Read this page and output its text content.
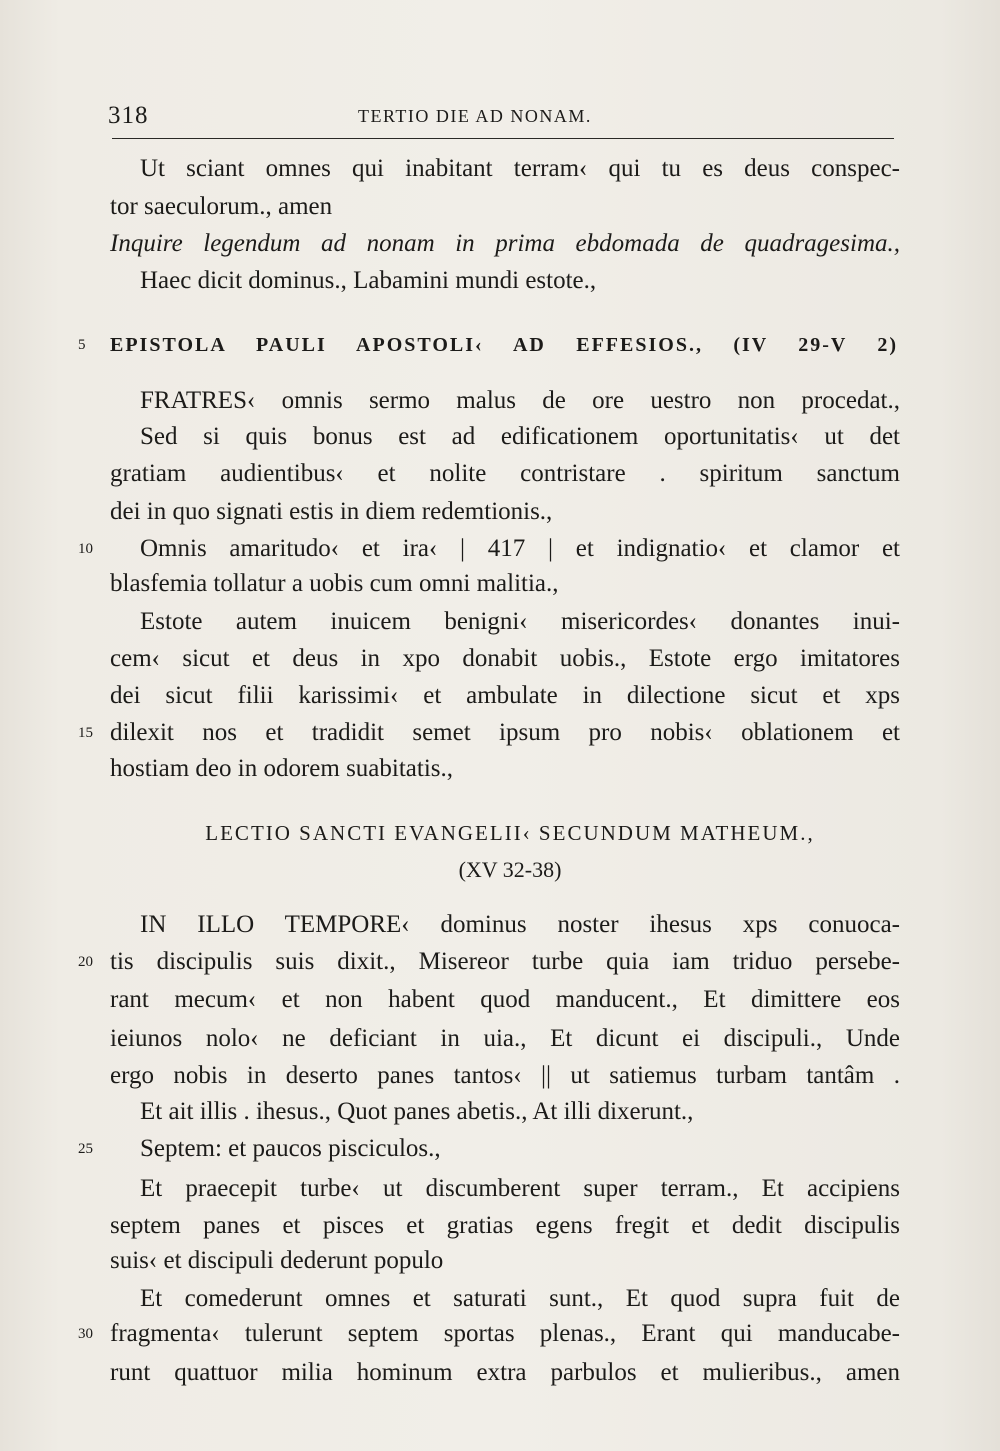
318	TERTIO DIE AD NONAM.
Ut sciant omnes qui inabitant terram‹ qui tu es deus conspec-
tor saeculorum., amen
Inquire legendum ad nonam in prima ebdomada de quadragesima.,
Haec dicit dominus., Labamini mundi estote.,
5 EPISTOLA PAULI APOSTOLI‹ AD EFFESIOS., (IV 29-V 2)
FRATRES‹ omnis sermo malus de ore uestro non procedat.,
Sed si quis bonus est ad edificationem oportunitatis‹ ut det
gratiam audientibus‹ et nolite contristare . spiritum sanctum
dei in quo signati estis in diem redemtionis.,
10 Omnis amaritudo‹ et ira‹ | 417 | et indignatio‹ et clamor et
blasfemia tollatur a uobis cum omni malitia.,
Estote autem inuicem benigni‹ misericordes‹ donantes inui-
cem‹ sicut et deus in xpo donabit uobis., Estote ergo imitatores
dei sicut filii karissimi‹ et ambulate in dilectione sicut et xps
15 dilexit nos et tradidit semet ipsum pro nobis‹ oblationem et
hostiam deo in odorem suabitatis.,
LECTIO SANCTI EVANGELII‹ SECUNDUM MATHEUM.,
(XV 32-38)
IN ILLO TEMPORE‹ dominus noster ihesus xps conuoca-
20 tis discipulis suis dixit., Misereor turbe quia iam triduo persebe-
rant mecum‹ et non habent quod manducent., Et dimittere eos
ieiunos nolo‹ ne deficiant in uia., Et dicunt ei discipuli., Unde
ergo nobis in deserto panes tantos‹ || ut satiemus turbam tantâm .
Et ait illis . ihesus., Quot panes abetis., At illi dixerunt.,
25 Septem: et paucos pisciculos.,
Et praecepit turbe‹ ut discumberent super terram., Et accipiens
septem panes et pisces et gratias egens fregit et dedit discipulis
suis‹ et discipuli dederunt populo
Et comederunt omnes et saturati sunt., Et quod supra fuit de
30 fragmenta‹ tulerunt septem sportas plenas., Erant qui manducabe-
runt quattuor milia hominum extra parbulos et mulieribus., amen
